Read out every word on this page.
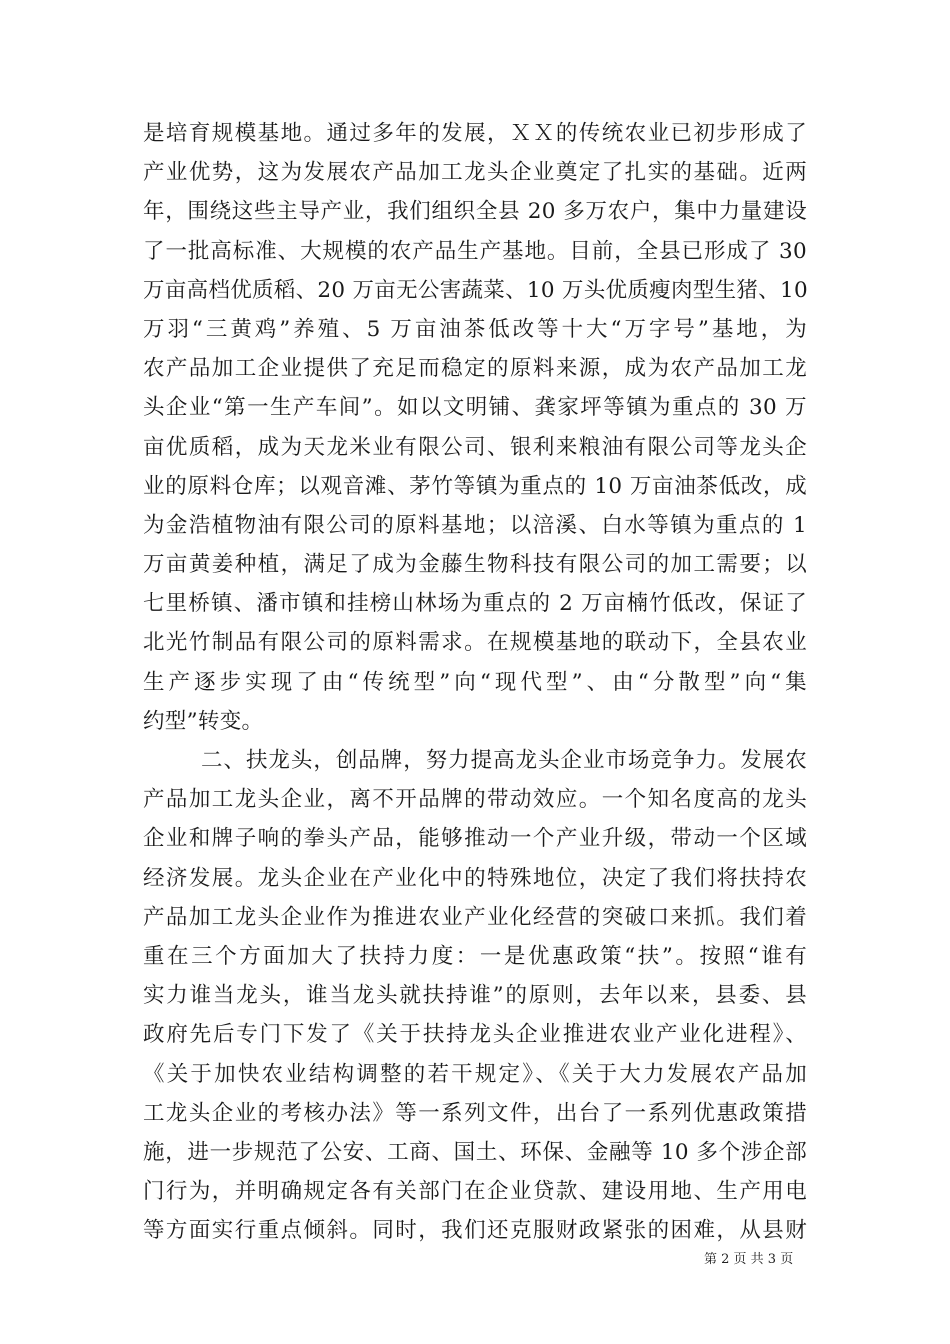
是培育规模基地。通过多年的发展，ＸＸ的传统农业已初步形成了
产业优势，这为发展农产品加工龙头企业奠定了扎实的基础。近两
年，围绕这些主导产业，我们组织全县 20 多万农户，集中力量建设
了一批高标准、大规模的农产品生产基地。目前，全县已形成了 30
万亩高档优质稻、20 万亩无公害蔬菜、10 万头优质瘦肉型生猪、10
万羽“三黄鸡”养殖、5 万亩油茶低改等十大“万字号”基地，为
农产品加工企业提供了充足而稳定的原料来源，成为农产品加工龙
头企业“第一生产车间”。如以文明铺、龚家坪等镇为重点的 30 万
亩优质稻，成为天龙米业有限公司、银利来粮油有限公司等龙头企
业的原料仓库；以观音滩、茅竹等镇为重点的 10 万亩油茶低改，成
为金浩植物油有限公司的原料基地；以涪溪、白水等镇为重点的 1
万亩黄姜种植，满足了成为金藤生物科技有限公司的加工需要；以
七里桥镇、潘市镇和挂榜山林场为重点的 2 万亩楠竹低改，保证了
北光竹制品有限公司的原料需求。在规模基地的联动下，全县农业
生产逐步实现了由“传统型”向“现代型”、由“分散型”向“集
约型”转变。
二、扶龙头，创品牌，努力提高龙头企业市场竞争力。发展农
产品加工龙头企业，离不开品牌的带动效应。一个知名度高的龙头
企业和牌子响的拳头产品，能够推动一个产业升级，带动一个区域
经济发展。龙头企业在产业化中的特殊地位，决定了我们将扶持农
产品加工龙头企业作为推进农业产业化经营的突破口来抓。我们着
重在三个方面加大了扶持力度：一是优惠政策“扶”。按照“谁有
实力谁当龙头，谁当龙头就扶持谁”的原则，去年以来，县委、县
政府先后专门下发了《关于扶持龙头企业推进农业产业化进程》、
《关于加快农业结构调整的若干规定》、《关于大力发展农产品加
工龙头企业的考核办法》等一系列文件，出台了一系列优惠政策措
施，进一步规范了公安、工商、国土、环保、金融等 10 多个涉企部
门行为，并明确规定各有关部门在企业贷款、建设用地、生产用电
等方面实行重点倾斜。同时，我们还克服财政紧张的困难，从县财
第 2 页 共 3 页
